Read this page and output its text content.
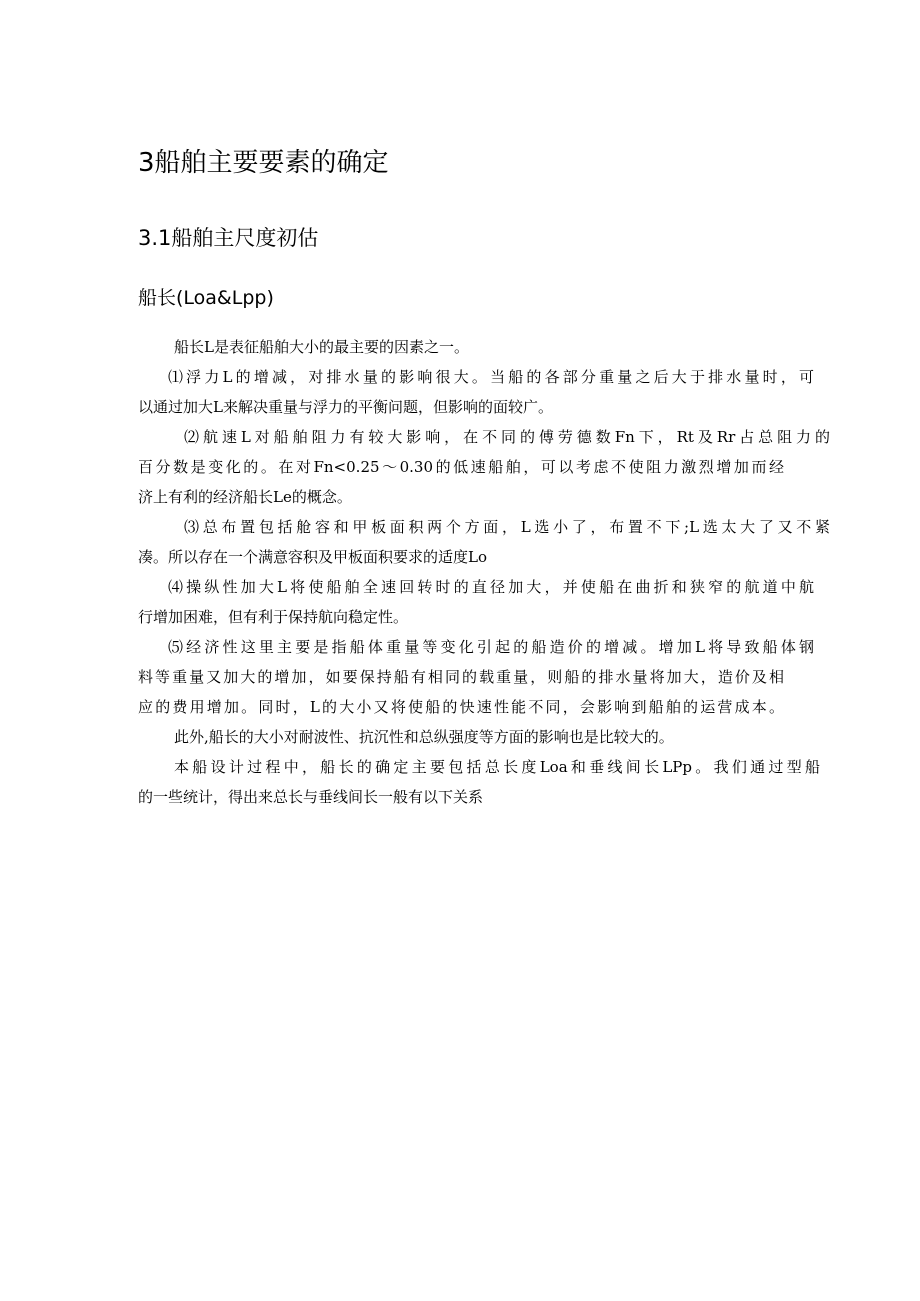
3船舶主要要素的确定
3.1船舶主尺度初估
船长(Loa&Lpp)
船长L是表征船舶大小的最主要的因素之一。
⑴浮力L的增减，对排水量的影响很大。当船的各部分重量之后大于排水量时，可
以通过加大L来解决重量与浮力的平衡问题，但影响的面较广。
⑵航速L对船舶阻力有较大影响，在不同的傅劳德数Fn下，Rt及Rr占总阻力的
百分数是变化的。在对Fn<0.25～0.30的低速船舶，可以考虑不使阻力激烈增加而经
济上有利的经济船长Le的概念。
⑶总布置包括舱容和甲板面积两个方面，L选小了，布置不下;L选太大了又不紧
凑。所以存在一个满意容积及甲板面积要求的适度Lo
⑷操纵性加大L将使船舶全速回转时的直径加大，并使船在曲折和狭窄的航道中航
行增加困难，但有利于保持航向稳定性。
⑸经济性这里主要是指船体重量等变化引起的船造价的增减。增加L将导致船体钢
料等重量又加大的增加，如要保持船有相同的载重量，则船的排水量将加大，造价及相
应的费用增加。同时，L的大小又将使船的快速性能不同，会影响到船舶的运营成本。
此外,船长的大小对耐波性、抗沉性和总纵强度等方面的影响也是比较大的。
本船设计过程中，船长的确定主要包括总长度Loa和垂线间长LPp。我们通过型船
的一些统计，得出来总长与垂线间长一般有以下关系
